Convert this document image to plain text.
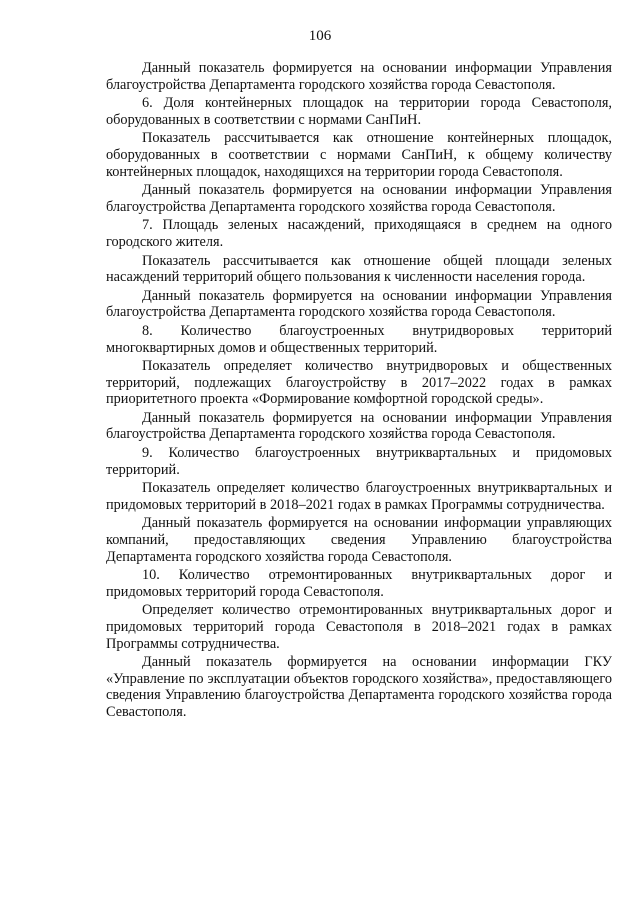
106

Данный показатель формируется на основании информации Управления благоустройства Департамента городского хозяйства города Севастополя.

6. Доля контейнерных площадок на территории города Севастополя, оборудованных в соответствии с нормами СанПиН.

Показатель рассчитывается как отношение контейнерных площадок, оборудованных в соответствии с нормами СанПиН, к общему количеству контейнерных площадок, находящихся на территории города Севастополя.

Данный показатель формируется на основании информации Управления благоустройства Департамента городского хозяйства города Севастополя.

7. Площадь зеленых насаждений, приходящаяся в среднем на одного городского жителя.

Показатель рассчитывается как отношение общей площади зеленых насаждений территорий общего пользования к численности населения города.

Данный показатель формируется на основании информации Управления благоустройства Департамента городского хозяйства города Севастополя.

8. Количество благоустроенных внутридворовых территорий многоквартирных домов и общественных территорий.

Показатель определяет количество внутридворовых и общественных территорий, подлежащих благоустройству в 2017–2022 годах в рамках приоритетного проекта «Формирование комфортной городской среды».

Данный показатель формируется на основании информации Управления благоустройства Департамента городского хозяйства города Севастополя.

9. Количество благоустроенных внутриквартальных и придомовых территорий.

Показатель определяет количество благоустроенных внутриквартальных и придомовых территорий в 2018–2021 годах в рамках Программы сотрудничества.

Данный показатель формируется на основании информации управляющих компаний, предоставляющих сведения Управлению благоустройства Департамента городского хозяйства города Севастополя.

10. Количество отремонтированных внутриквартальных дорог и придомовых территорий города Севастополя.

Определяет количество отремонтированных внутриквартальных дорог и придомовых территорий города Севастополя в 2018–2021 годах в рамках Программы сотрудничества.

Данный показатель формируется на основании информации ГКУ «Управление по эксплуатации объектов городского хозяйства», предоставляющего сведения Управлению благоустройства Департамента городского хозяйства города Севастополя.
